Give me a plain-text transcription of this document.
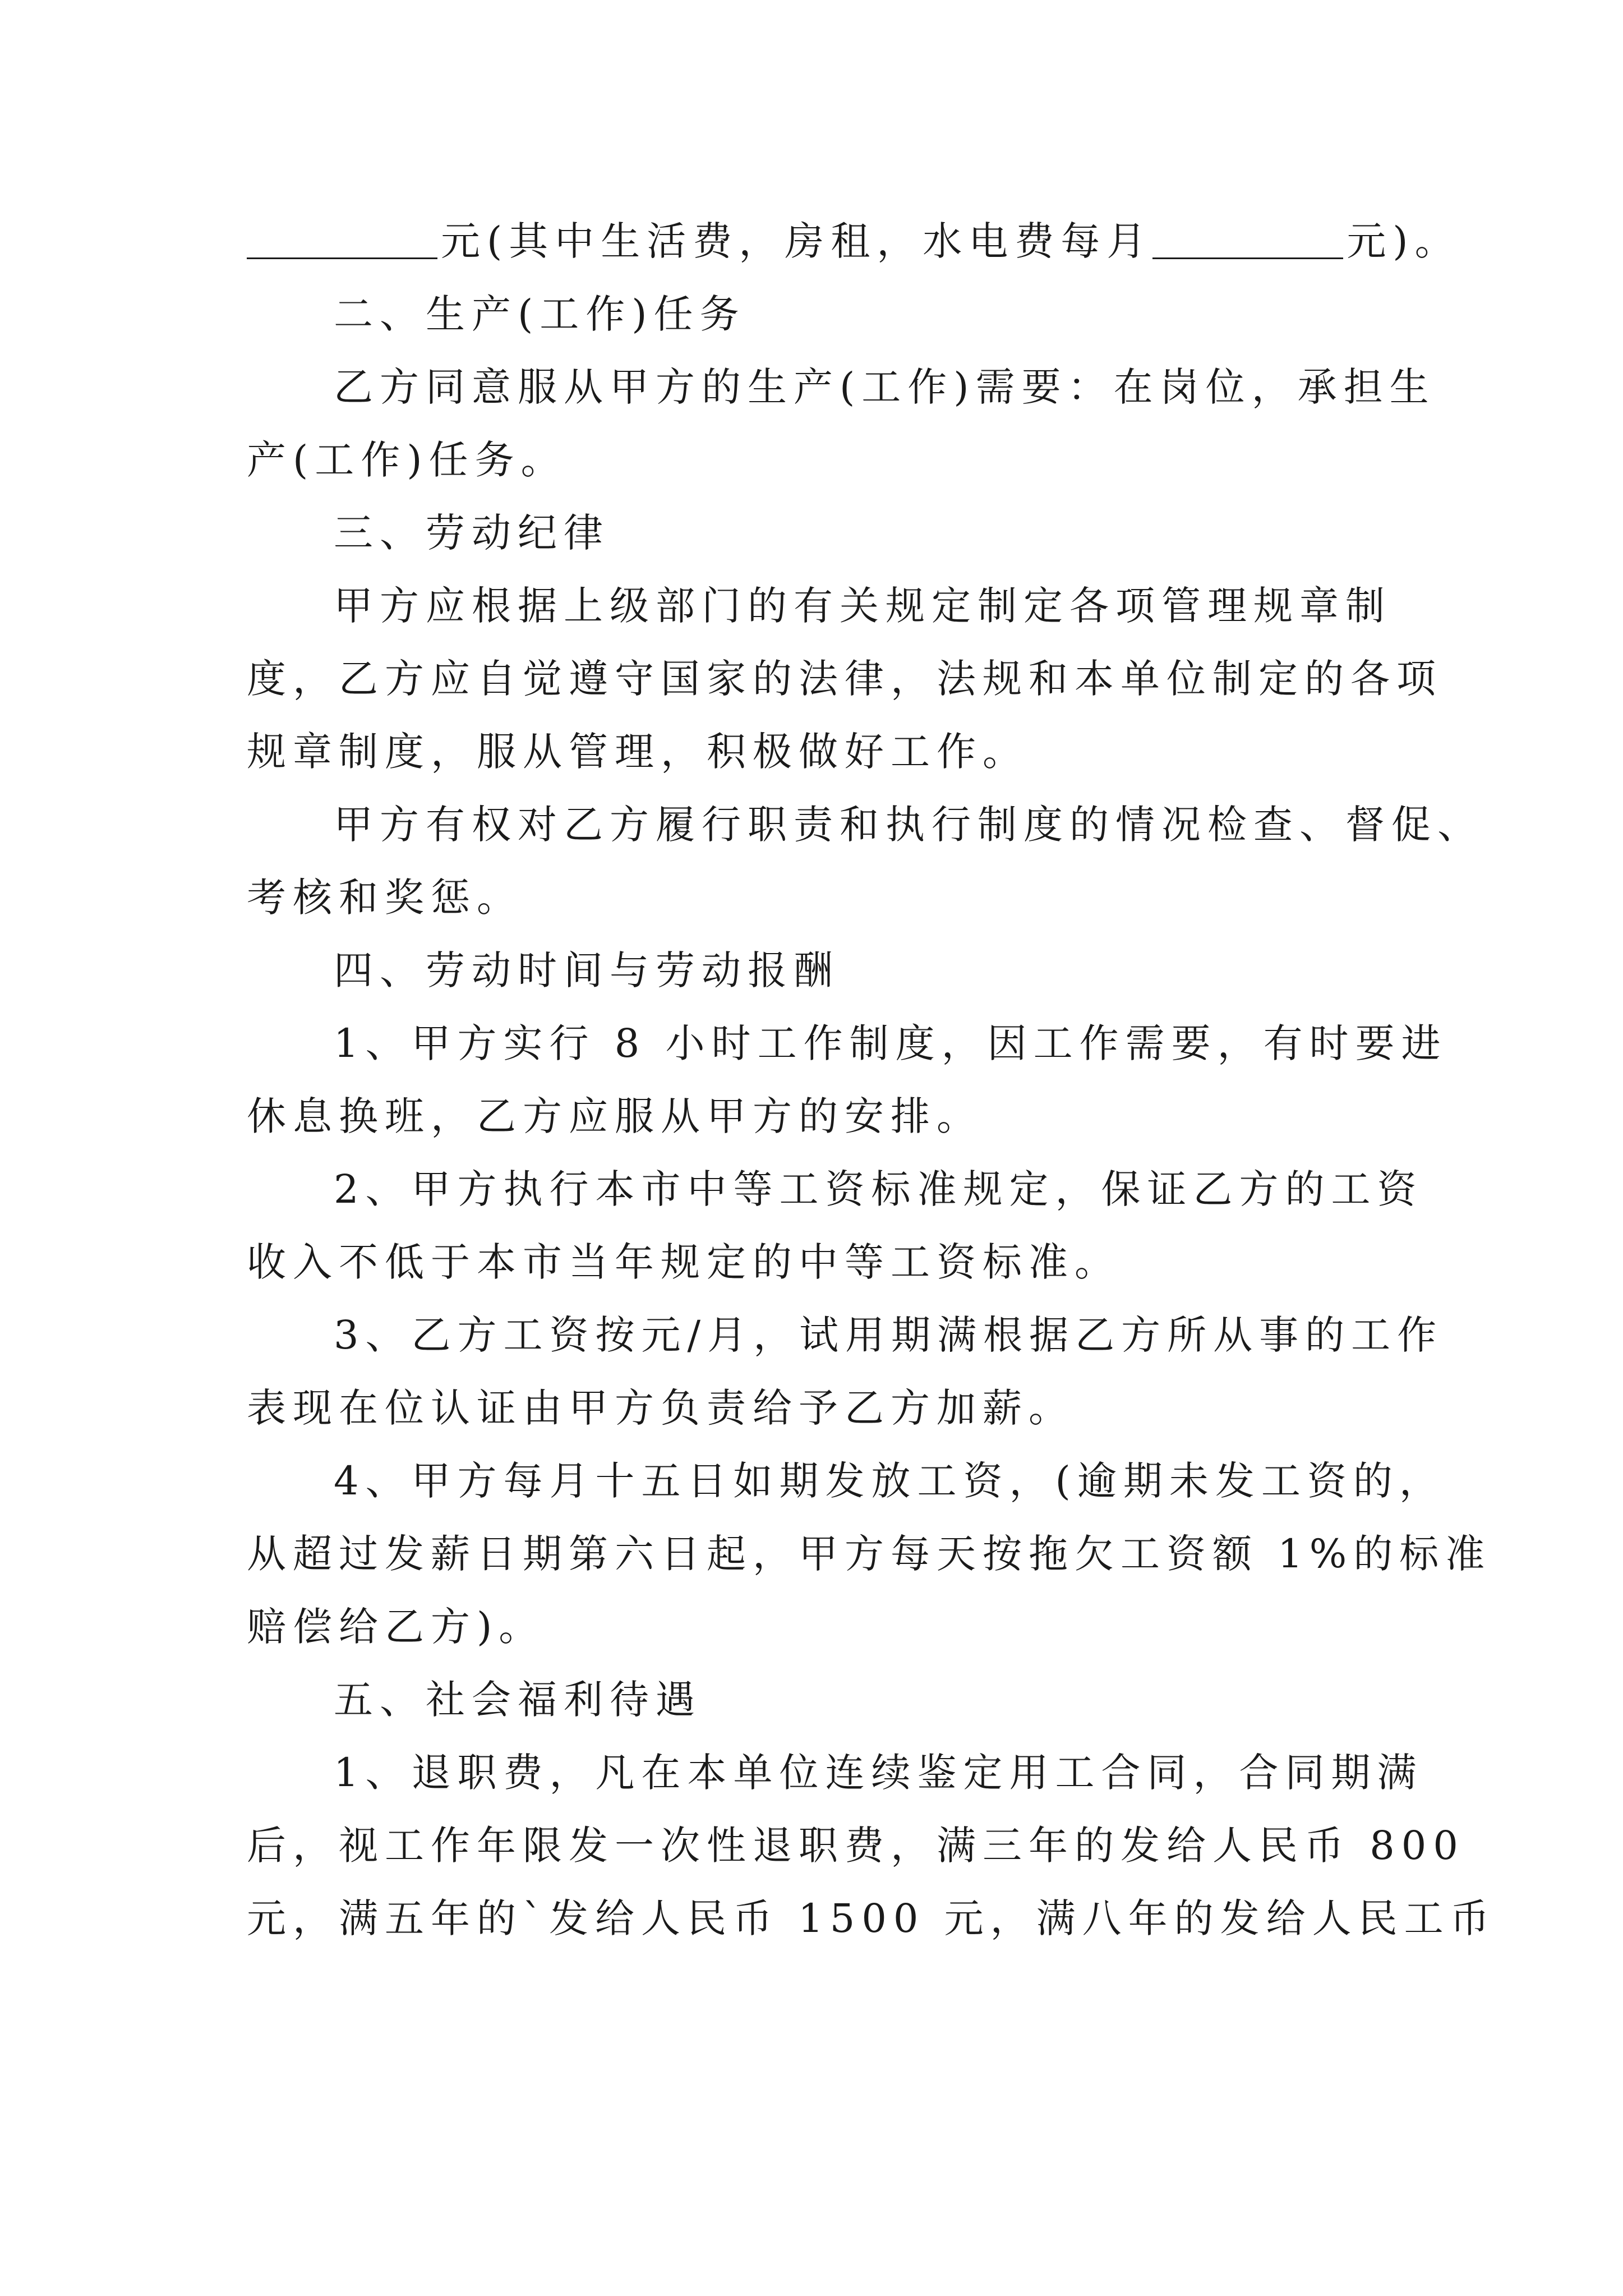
元(其中生活费，房租，水电费每月	元)。
二、生产(工作)任务
乙方同意服从甲方的生产(工作)需要：在岗位，承担生
产(工作)任务。
三、劳动纪律
甲方应根据上级部门的有关规定制定各项管理规章制
度，乙方应自觉遵守国家的法律，法规和本单位制定的各项
规章制度，服从管理，积极做好工作。
甲方有权对乙方履行职责和执行制度的情况检查、督促、
考核和奖惩。
四、劳动时间与劳动报酬
1、甲方实行 8 小时工作制度，因工作需要，有时要进
休息换班，乙方应服从甲方的安排。
2、甲方执行本市中等工资标准规定，保证乙方的工资
收入不低于本市当年规定的中等工资标准。
3、乙方工资按元/月，试用期满根据乙方所从事的工作
表现在位认证由甲方负责给予乙方加薪。
4、甲方每月十五日如期发放工资，(逾期未发工资的，
从超过发薪日期第六日起，甲方每天按拖欠工资额 1%的标准
赔偿给乙方)。
五、社会福利待遇
1、退职费，凡在本单位连续鉴定用工合同，合同期满
后，视工作年限发一次性退职费，满三年的发给人民币 800
元，满五年的`发给人民币 1500 元，满八年的发给人民工币
